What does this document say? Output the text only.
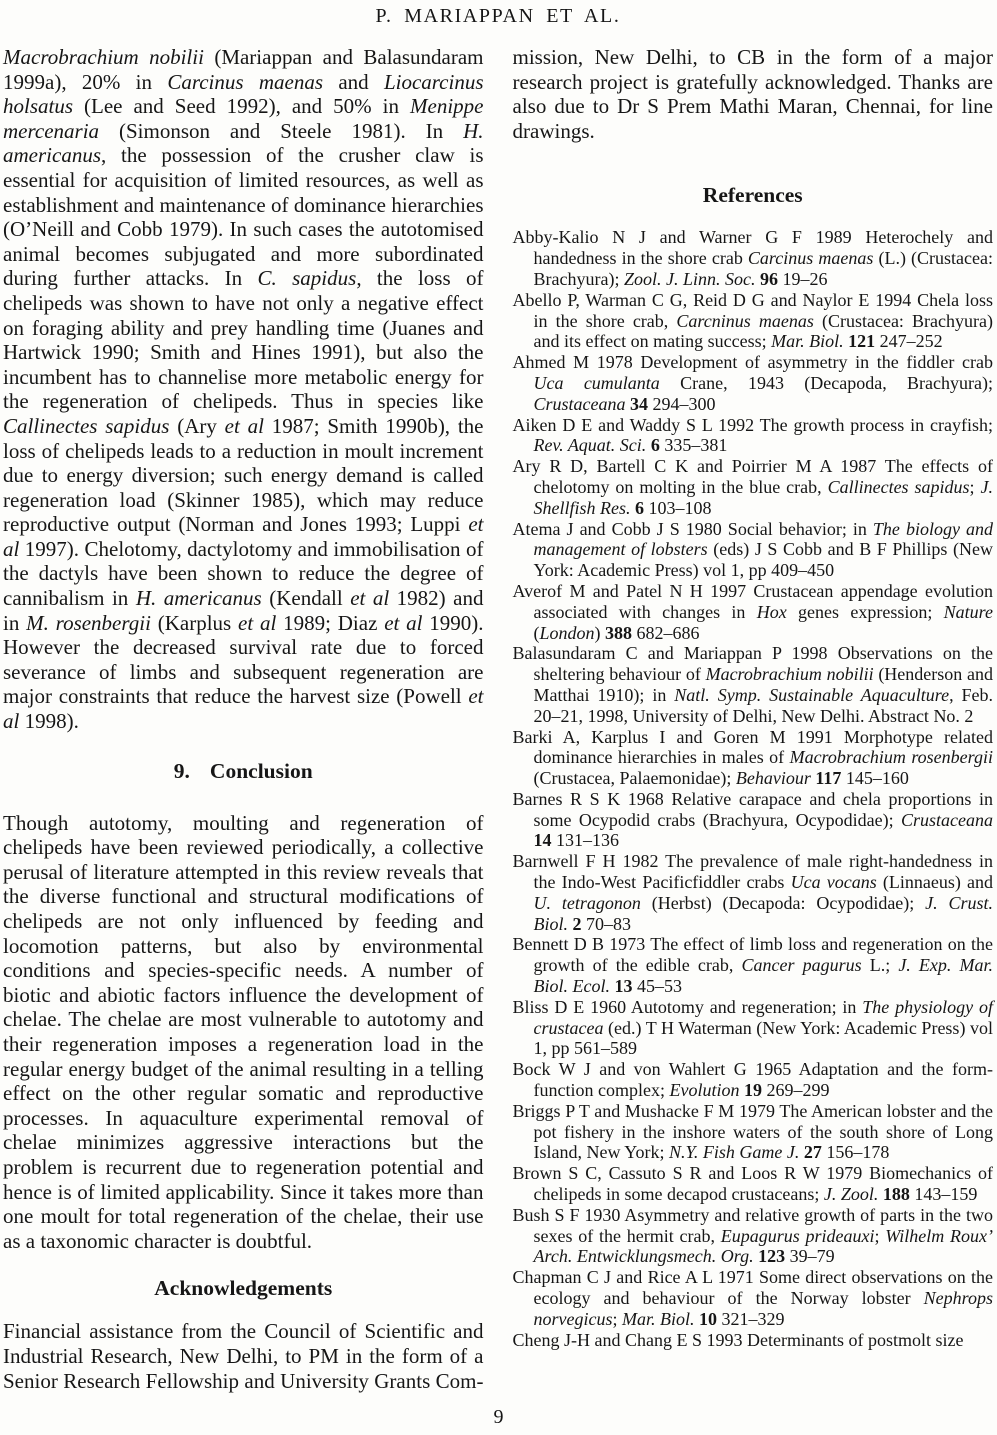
P. MARIAPPAN ET AL.

Macrobrachium nobilii (Mariappan and Balasundaram 1999a), 20% in Carcinus maenas and Liocarcinus holsatus (Lee and Seed 1992), and 50% in Menippe mercenaria (Simonson and Steele 1981). In H. americanus, the possession of the crusher claw is essential for acquisition of limited resources, as well as establishment and maintenance of dominance hierarchies (O’Neill and Cobb 1979). In such cases the autotomised animal becomes subjugated and more subordinated during further attacks. In C. sapidus, the loss of chelipeds was shown to have not only a negative effect on foraging ability and prey handling time (Juanes and Hartwick 1990; Smith and Hines 1991), but also the incumbent has to channelise more metabolic energy for the regeneration of chelipeds. Thus in species like Callinectes sapidus (Ary et al 1987; Smith 1990b), the loss of chelipeds leads to a reduction in moult increment due to energy diversion; such energy demand is called regeneration load (Skinner 1985), which may reduce reproductive output (Norman and Jones 1993; Luppi et al 1997). Chelotomy, dactylotomy and immobilisation of the dactyls have been shown to reduce the degree of cannibalism in H. americanus (Kendall et al 1982) and in M. rosenbergii (Karplus et al 1989; Diaz et al 1990). However the decreased survival rate due to forced severance of limbs and subsequent regeneration are major constraints that reduce the harvest size (Powell et al 1998).

9. Conclusion

Though autotomy, moulting and regeneration of chelipeds have been reviewed periodically, a collective perusal of literature attempted in this review reveals that the diverse functional and structural modifications of chelipeds are not only influenced by feeding and locomotion patterns, but also by environmental conditions and species-specific needs. A number of biotic and abiotic factors influence the development of chelae. The chelae are most vulnerable to autotomy and their regeneration imposes a regeneration load in the regular energy budget of the animal resulting in a telling effect on the other regular somatic and reproductive processes. In aquaculture experimental removal of chelae minimizes aggressive interactions but the problem is recurrent due to regeneration potential and hence is of limited applicability. Since it takes more than one moult for total regeneration of the chelae, their use as a taxonomic character is doubtful.

Acknowledgements

Financial assistance from the Council of Scientific and Industrial Research, New Delhi, to PM in the form of a Senior Research Fellowship and University Grants Com-

mission, New Delhi, to CB in the form of a major research project is gratefully acknowledged. Thanks are also due to Dr S Prem Mathi Maran, Chennai, for line drawings.

References

Abby-Kalio N J and Warner G F 1989 Heterochely and handedness in the shore crab Carcinus maenas (L.) (Crustacea: Brachyura); Zool. J. Linn. Soc. 96 19–26

Abello P, Warman C G, Reid D G and Naylor E 1994 Chela loss in the shore crab, Carcninus maenas (Crustacea: Brachyura) and its effect on mating success; Mar. Biol. 121 247–252

Ahmed M 1978 Development of asymmetry in the fiddler crab Uca cumulanta Crane, 1943 (Decapoda, Brachyura); Crustaceana 34 294–300

Aiken D E and Waddy S L 1992 The growth process in crayfish; Rev. Aquat. Sci. 6 335–381

Ary R D, Bartell C K and Poirrier M A 1987 The effects of chelotomy on molting in the blue crab, Callinectes sapidus; J. Shellfish Res. 6 103–108

Atema J and Cobb J S 1980 Social behavior; in The biology and management of lobsters (eds) J S Cobb and B F Phillips (New York: Academic Press) vol 1, pp 409–450

Averof M and Patel N H 1997 Crustacean appendage evolution associated with changes in Hox genes expression; Nature (London) 388 682–686

Balasundaram C and Mariappan P 1998 Observations on the sheltering behaviour of Macrobrachium nobilii (Henderson and Matthai 1910); in Natl. Symp. Sustainable Aquaculture, Feb. 20–21, 1998, University of Delhi, New Delhi. Abstract No. 2

Barki A, Karplus I and Goren M 1991 Morphotype related dominance hierarchies in males of Macrobrachium rosenbergii (Crustacea, Palaemonidae); Behaviour 117 145–160

Barnes R S K 1968 Relative carapace and chela proportions in some Ocypodid crabs (Brachyura, Ocypodidae); Crustaceana 14 131–136

Barnwell F H 1982 The prevalence of male right-handedness in the Indo-West Pacificfiddler crabs Uca vocans (Linnaeus) and U. tetragonon (Herbst) (Decapoda: Ocypodidae); J. Crust. Biol. 2 70–83

Bennett D B 1973 The effect of limb loss and regeneration on the growth of the edible crab, Cancer pagurus L.; J. Exp. Mar. Biol. Ecol. 13 45–53

Bliss D E 1960 Autotomy and regeneration; in The physiology of crustacea (ed.) T H Waterman (New York: Academic Press) vol 1, pp 561–589

Bock W J and von Wahlert G 1965 Adaptation and the form-function complex; Evolution 19 269–299

Briggs P T and Mushacke F M 1979 The American lobster and the pot fishery in the inshore waters of the south shore of Long Island, New York; N.Y. Fish Game J. 27 156–178

Brown S C, Cassuto S R and Loos R W 1979 Biomechanics of chelipeds in some decapod crustaceans; J. Zool. 188 143–159

Bush S F 1930 Asymmetry and relative growth of parts in the two sexes of the hermit crab, Eupagurus prideauxi; Wilhelm Roux’ Arch. Entwicklungsmech. Org. 123 39–79

Chapman C J and Rice A L 1971 Some direct observations on the ecology and behaviour of the Norway lobster Nephrops norvegicus; Mar. Biol. 10 321–329

Cheng J-H and Chang E S 1993 Determinants of postmolt size

9
